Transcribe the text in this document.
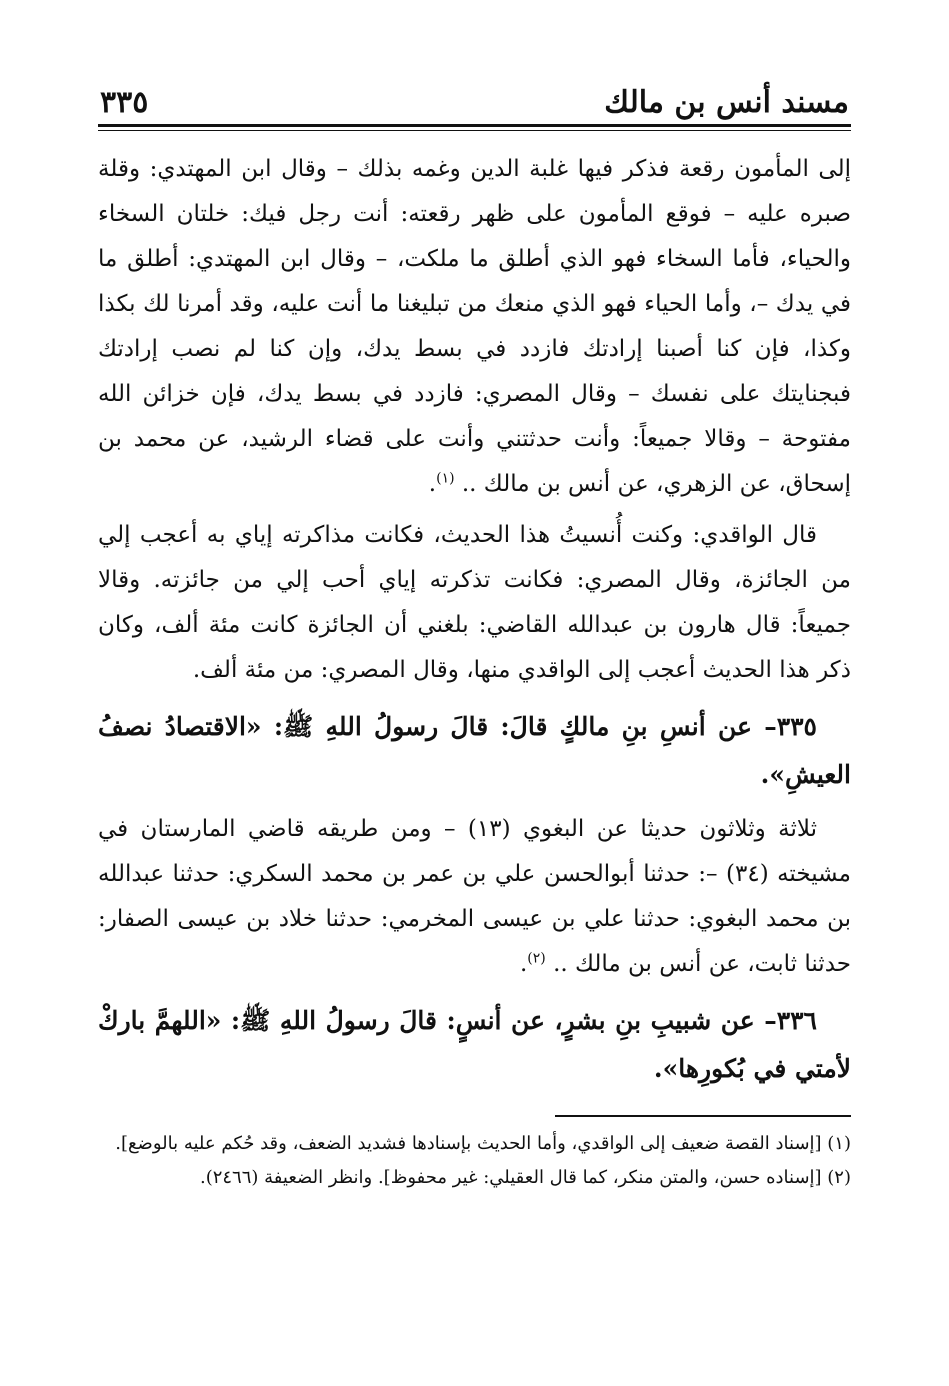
مسند أنس بن مالك
٣٣٥

إلى المأمون رقعة فذكر فيها غلبة الدين وغمه بذلك – وقال ابن المهتدي: وقلة صبره عليه – فوقع المأمون على ظهر رقعته: أنت رجل فيك: خلتان السخاء والحياء، فأما السخاء فهو الذي أطلق ما ملكت، – وقال ابن المهتدي: أطلق ما في يدك –، وأما الحياء فهو الذي منعك من تبليغنا ما أنت عليه، وقد أمرنا لك بكذا وكذا، فإن كنا أصبنا إرادتك فازدد في بسط يدك، وإن كنا لم نصب إرادتك فبجنايتك على نفسك – وقال المصري: فازدد في بسط يدك، فإن خزائن الله مفتوحة – وقالا جميعاً: وأنت حدثتني وأنت على قضاء الرشيد، عن محمد بن إسحاق، عن الزهري، عن أنس بن مالك .. $^{(١)}$.

قال الواقدي: وكنت أُنسيتُ هذا الحديث، فكانت مذاكرته إياي به أعجب إلي من الجائزة، وقال المصري: فكانت تذكرته إياي أحب إلي من جائزته. وقالا جميعاً: قال هارون بن عبدالله القاضي: بلغني أن الجائزة كانت مئة ألف، وكان ذكر هذا الحديث أعجب إلى الواقدي منها، وقال المصري: من مئة ألف.

٣٣٥– عن أنسِ بنِ مالكٍ قالَ: قالَ رسولُ اللهِ ﷺ: «الاقتصادُ نصفُ العيشِ».

ثلاثة وثلاثون حديثا عن البغوي (١٣) – ومن طريقه قاضي المارستان في مشيخته (٣٤) –: حدثنا أبوالحسن علي بن عمر بن محمد السكري: حدثنا عبدالله بن محمد البغوي: حدثنا علي بن عيسى المخرمي: حدثنا خلاد بن عيسى الصفار: حدثنا ثابت، عن أنس بن مالك .. $^{(٢)}$.

٣٣٦– عن شبيبِ بنِ بشرٍ، عن أنسٍ: قالَ رسولُ اللهِ ﷺ: «اللهمَّ باركْ لأمتي في بُكورِها».

(١) [إسناد القصة ضعيف إلى الواقدي، وأما الحديث بإسنادها فشديد الضعف، وقد حُكم عليه بالوضع].

(٢) [إسناده حسن، والمتن منكر، كما قال العقيلي: غير محفوظ]. وانظر الضعيفة (٢٤٦٦).
